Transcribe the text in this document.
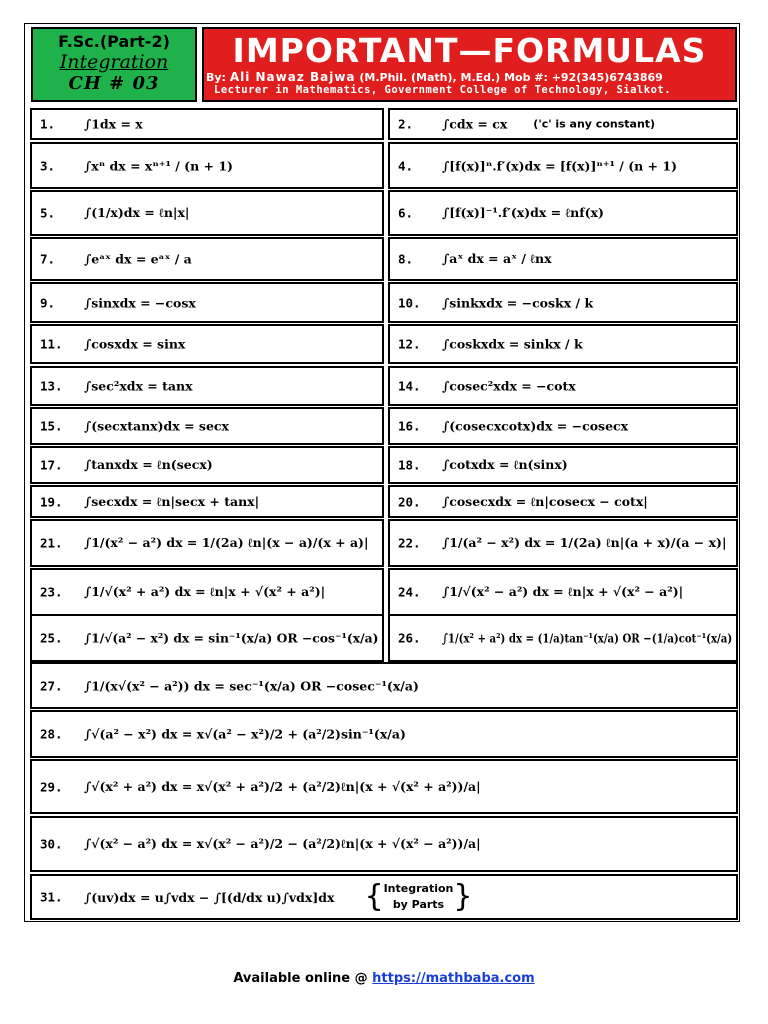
F.Sc.(Part-2)
Integration
CH # 03
IMPORTANT—FORMULAS
By: Ali Nawaz Bajwa (M.Phil. (Math), M.Ed.) Mob #: +92(345)6743869
Lecturer in Mathematics, Government College of Technology, Sialkot.
1. ∫1dx = x	2. ∫cdx = cx ('c' is any constant)
3. ∫xⁿ dx = xⁿ⁺¹ / (n + 1)	4. ∫[f(x)]ⁿ.f′(x)dx = [f(x)]ⁿ⁺¹ / (n + 1)
5. ∫(1/x)dx = ℓn|x|	6. ∫[f(x)]⁻¹.f′(x)dx = ℓnf(x)
7. ∫eᵃˣ dx = eᵃˣ / a	8. ∫aˣ dx = aˣ / ℓnx
9. ∫sinxdx = −cosx	10. ∫sinkxdx = −coskx / k
11. ∫cosxdx = sinx	12. ∫coskxdx = sinkx / k
13. ∫sec²xdx = tanx	14. ∫cosec²xdx = −cotx
15. ∫(secxtanx)dx = secx	16. ∫(cosecxcotx)dx = −cosecx
17. ∫tanxdx = ℓn(secx)	18. ∫cotxdx = ℓn(sinx)
19. ∫secxdx = ℓn|secx + tanx|	20. ∫cosecxdx = ℓn|cosecx − cotx|
21. ∫1/(x² − a²) dx = 1/(2a) ℓn|(x − a)/(x + a)| 22. ∫1/(a² − x²) dx = 1/(2a) ℓn|(a + x)/(a − x)|
23. ∫1/√(x² + a²) dx = ℓn|x + √(x² + a²)|	24. ∫1/√(x² − a²) dx = ℓn|x + √(x² − a²)|
25. ∫1/√(a² − x²) dx = sin⁻¹(x/a) OR −cos⁻¹(x/a) 26. ∫1/(x² + a²) dx = (1/a)tan⁻¹(x/a) OR −(1/a)cot⁻¹(x/a)
27. ∫1/(x√(x² − a²)) dx = sec⁻¹(x/a) OR −cosec⁻¹(x/a)
28. ∫√(a² − x²) dx = x√(a² − x²)/2 + (a²/2)sin⁻¹(x/a)
29. ∫√(x² + a²) dx = x√(x² + a²)/2 + (a²/2)ℓn|(x + √(x² + a²))/a|
30. ∫√(x² − a²) dx = x√(x² − a²)/2 − (a²/2)ℓn|(x + √(x² − a²))/a|
31. ∫(uv)dx = u∫vdx − ∫[(d/dx u)∫vdx]dx { Integration
by Parts }
Available online @ https://mathbaba.com
